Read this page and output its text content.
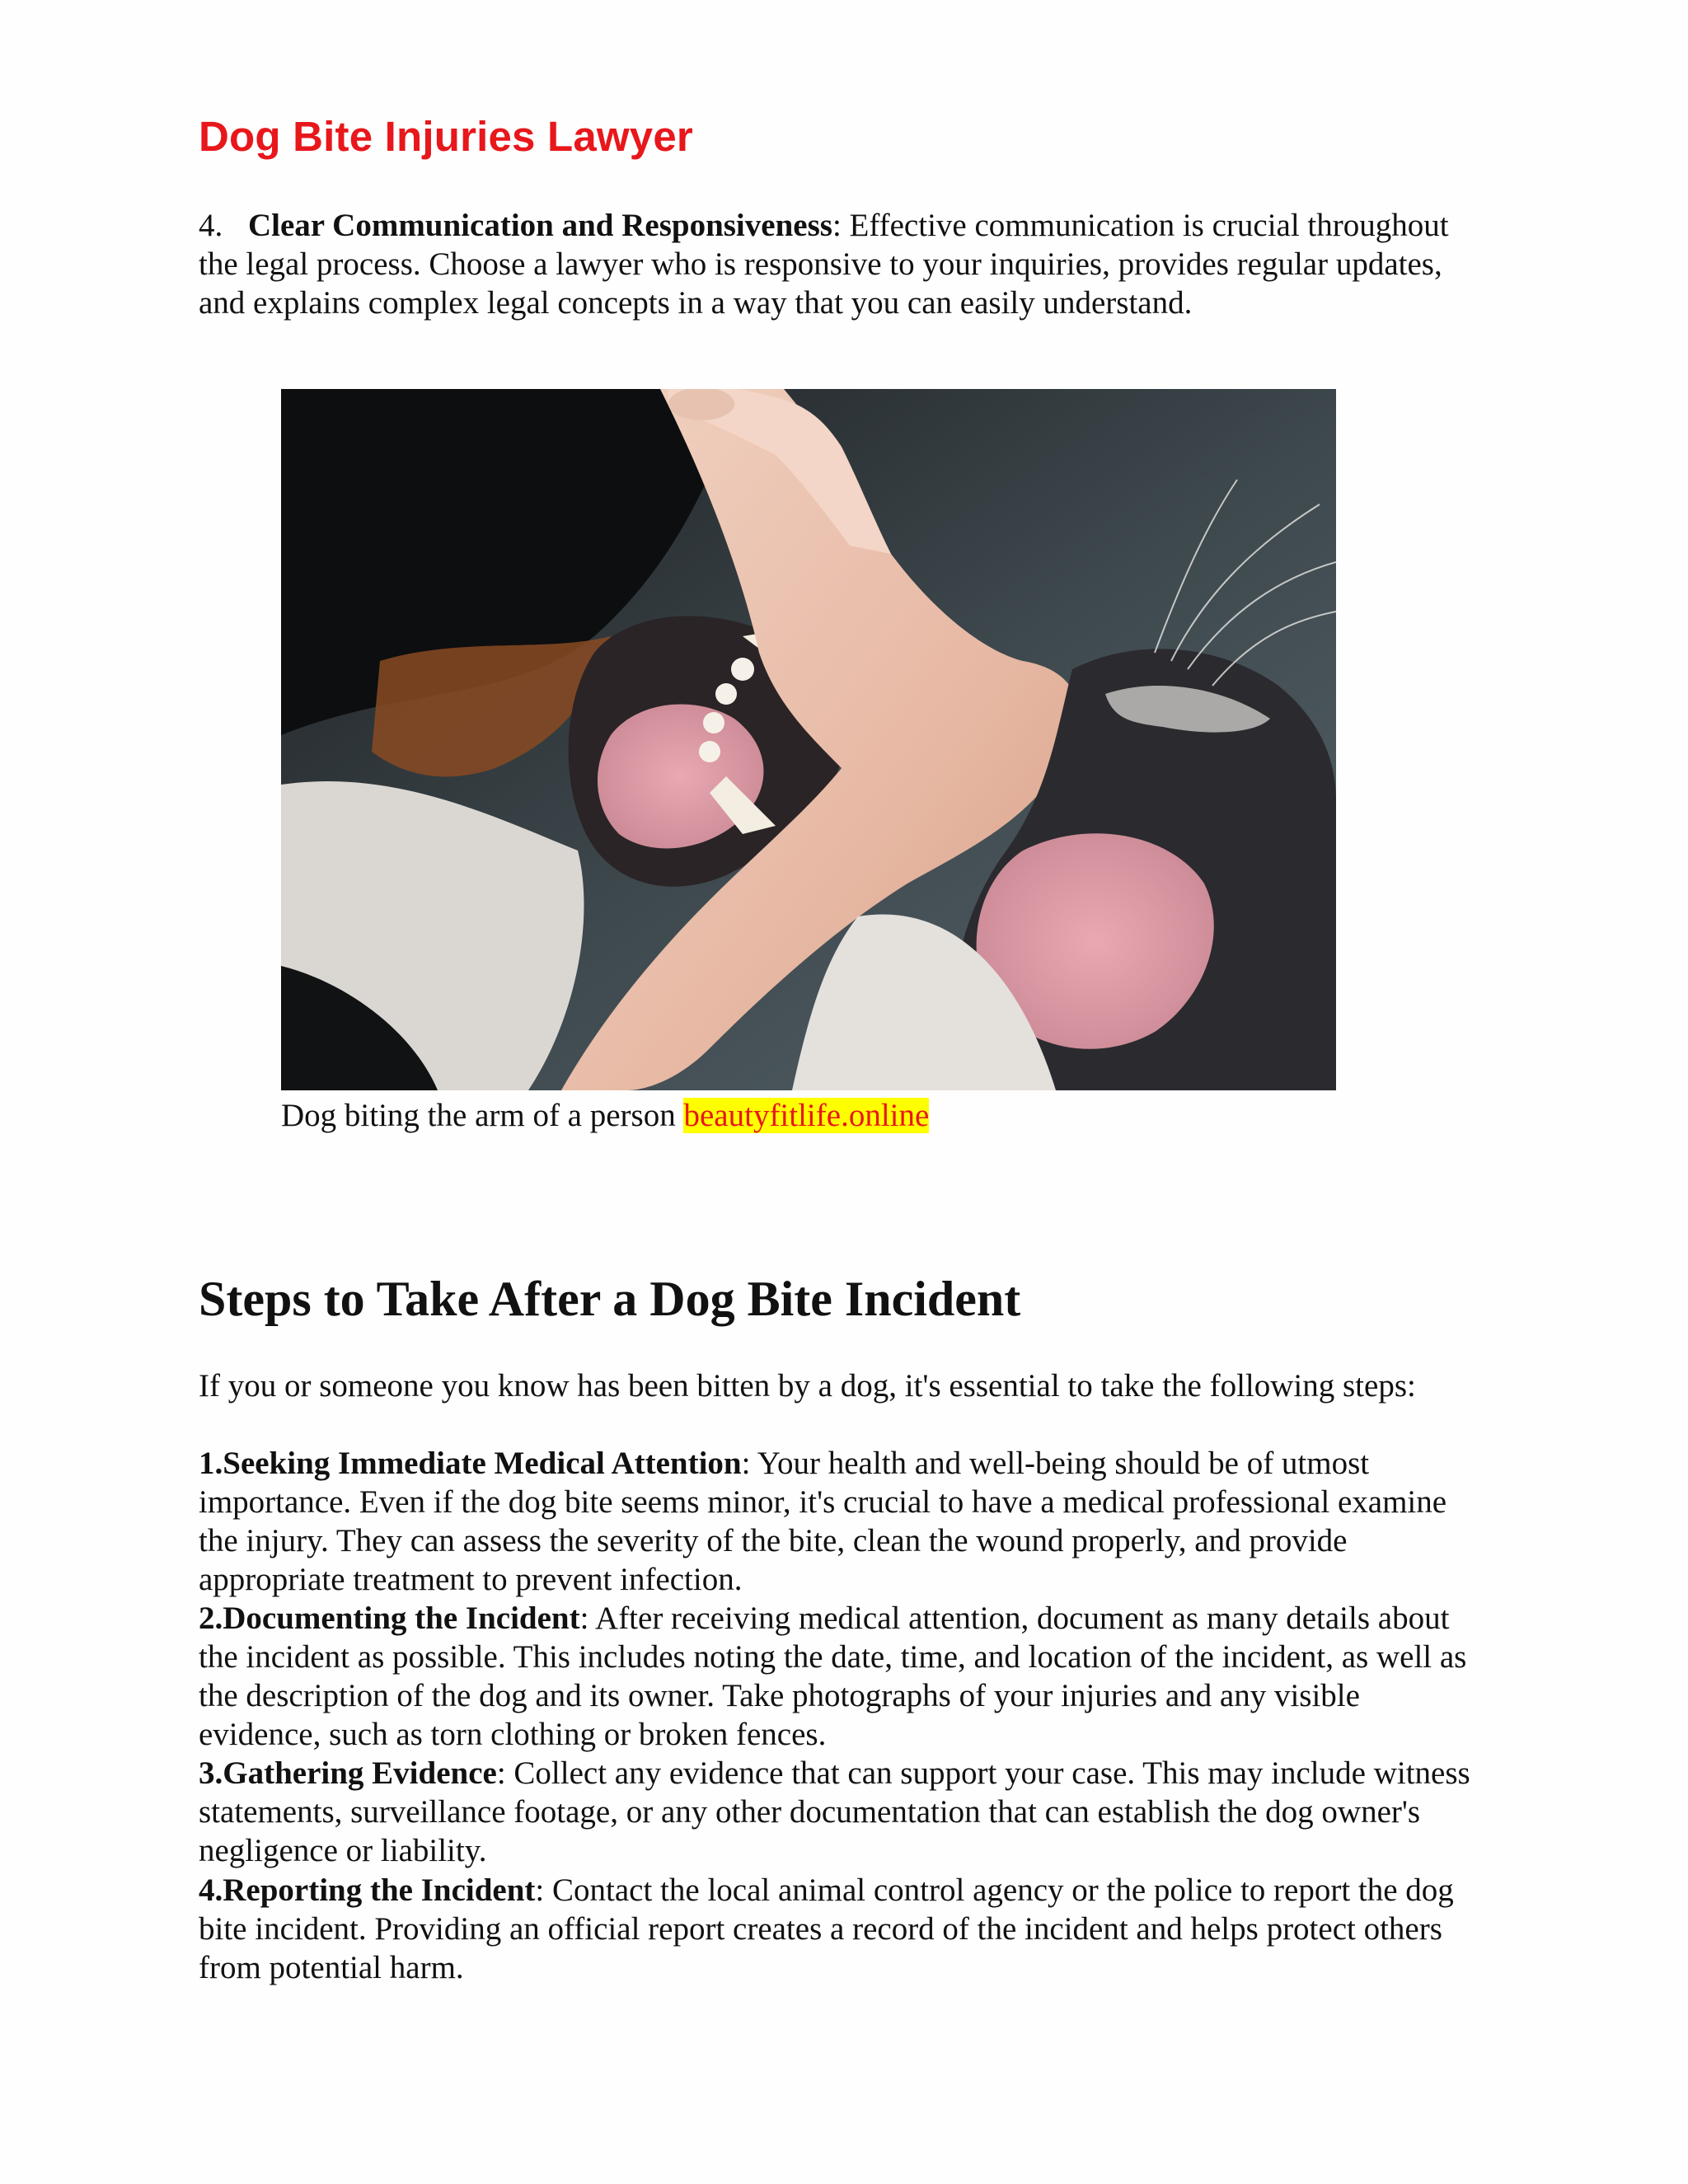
Dog Bite Injuries Lawyer

4. Clear Communication and Responsiveness: Effective communication is crucial throughout the legal process. Choose a lawyer who is responsive to your inquiries, provides regular updates, and explains complex legal concepts in a way that you can easily understand.

Dog biting the arm of a person beautyfitlife.online
Steps to Take After a Dog Bite Incident

If you or someone you know has been bitten by a dog, it's essential to take the following steps:

1.Seeking Immediate Medical Attention: Your health and well-being should be of utmost importance. Even if the dog bite seems minor, it's crucial to have a medical professional examine the injury. They can assess the severity of the bite, clean the wound properly, and provide appropriate treatment to prevent infection.

2.Documenting the Incident: After receiving medical attention, document as many details about the incident as possible. This includes noting the date, time, and location of the incident, as well as the description of the dog and its owner. Take photographs of your injuries and any visible evidence, such as torn clothing or broken fences.

3.Gathering Evidence: Collect any evidence that can support your case. This may include witness statements, surveillance footage, or any other documentation that can establish the dog owner's negligence or liability.

4.Reporting the Incident: Contact the local animal control agency or the police to report the dog bite incident. Providing an official report creates a record of the incident and helps protect others from potential harm.
